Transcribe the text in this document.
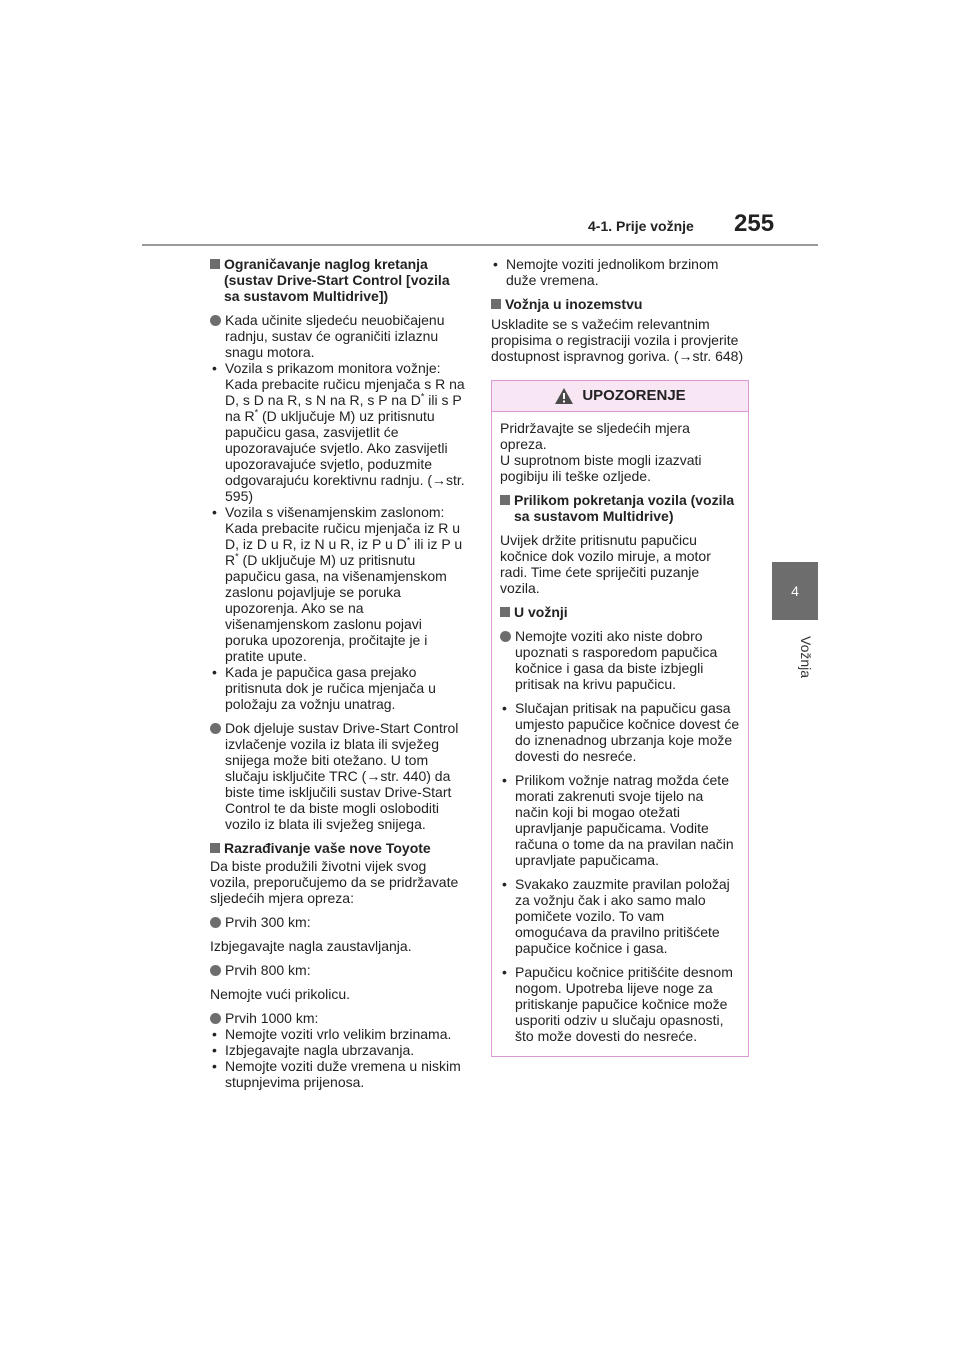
4-1. Prije vožnje 255
4
Vožnja
Ograničavanje naglog kretanja (sustav Drive-Start Control [vozila sa sustavom Multidrive])
Kada učinite sljedeću neuobičajenu radnju, sustav će ograničiti izlaznu snagu motora.
• Vozila s prikazom monitora vožnje: Kada prebacite ručicu mjenjača s R na D, s D na R, s N na R, s P na D* ili s P na R* (D uključuje M) uz pritisnutu papučicu gasa, zasvijetlit će upozoravajuće svjetlo. Ako zasvijetli upozoravajuće svjetlo, poduzmite odgovarajuću korektivnu radnju. (→str. 595)
• Vozila s višenamjenskim zaslonom: Kada prebacite ručicu mjenjača iz R u D, iz D u R, iz N u R, iz P u D* ili iz P u R* (D uključuje M) uz pritisnutu papučicu gasa, na višenamjenskom zaslonu pojavljuje se poruka upozorenja. Ako se na višenamjenskom zaslonu pojavi poruka upozorenja, pročitajte je i pratite upute.
• Kada je papučica gasa prejako pritisnuta dok je ručica mjenjača u položaju za vožnju unatrag.
Dok djeluje sustav Drive-Start Control izvlačenje vozila iz blata ili svježeg snijega može biti otežano. U tom slučaju isključite TRC (→str. 440) da biste time isključili sustav Drive-Start Control te da biste mogli osloboditi vozilo iz blata ili svježeg snijega.
Razrađivanje vaše nove Toyote
Da biste produžili životni vijek svog vozila, preporučujemo da se pridržavate sljedećih mjera opreza:
Prvih 300 km:
Izbjegavajte nagla zaustavljanja.
Prvih 800 km:
Nemojte vući prikolicu.
Prvih 1000 km:
• Nemojte voziti vrlo velikim brzinama.
• Izbjegavajte nagla ubrzavanja.
• Nemojte voziti duže vremena u niskim stupnjevima prijenosa.
• Nemojte voziti jednolikom brzinom duže vremena.
Vožnja u inozemstvu
Uskladite se s važećim relevantnim propisima o registraciji vozila i provjerite dostupnost ispravnog goriva. (→str. 648)
UPOZORENJE
Pridržavajte se sljedećih mjera opreza.
U suprotnom biste mogli izazvati pogibiju ili teške ozljede.
Prilikom pokretanja vozila (vozila sa sustavom Multidrive)
Uvijek držite pritisnutu papučicu kočnice dok vozilo miruje, a motor radi. Time ćete spriječiti puzanje vozila.
U vožnji
Nemojte voziti ako niste dobro upoznati s rasporedom papučica kočnice i gasa da biste izbjegli pritisak na krivu papučicu.
• Slučajan pritisak na papučicu gasa umjesto papučice kočnice dovest će do iznenadnog ubrzanja koje može dovesti do nesreće.
• Prilikom vožnje natrag možda ćete morati zakrenuti svoje tijelo na način koji bi mogao otežati upravljanje papučicama. Vodite računa o tome da na pravilan način upravljate papučicama.
• Svakako zauzmite pravilan položaj za vožnju čak i ako samo malo pomičete vozilo. To vam omogućava da pravilno pritišćete papučice kočnice i gasa.
• Papučicu kočnice pritišćite desnom nogom. Upotreba lijeve noge za pritiskanje papučice kočnice može usporiti odziv u slučaju opasnosti, što može dovesti do nesreće.
